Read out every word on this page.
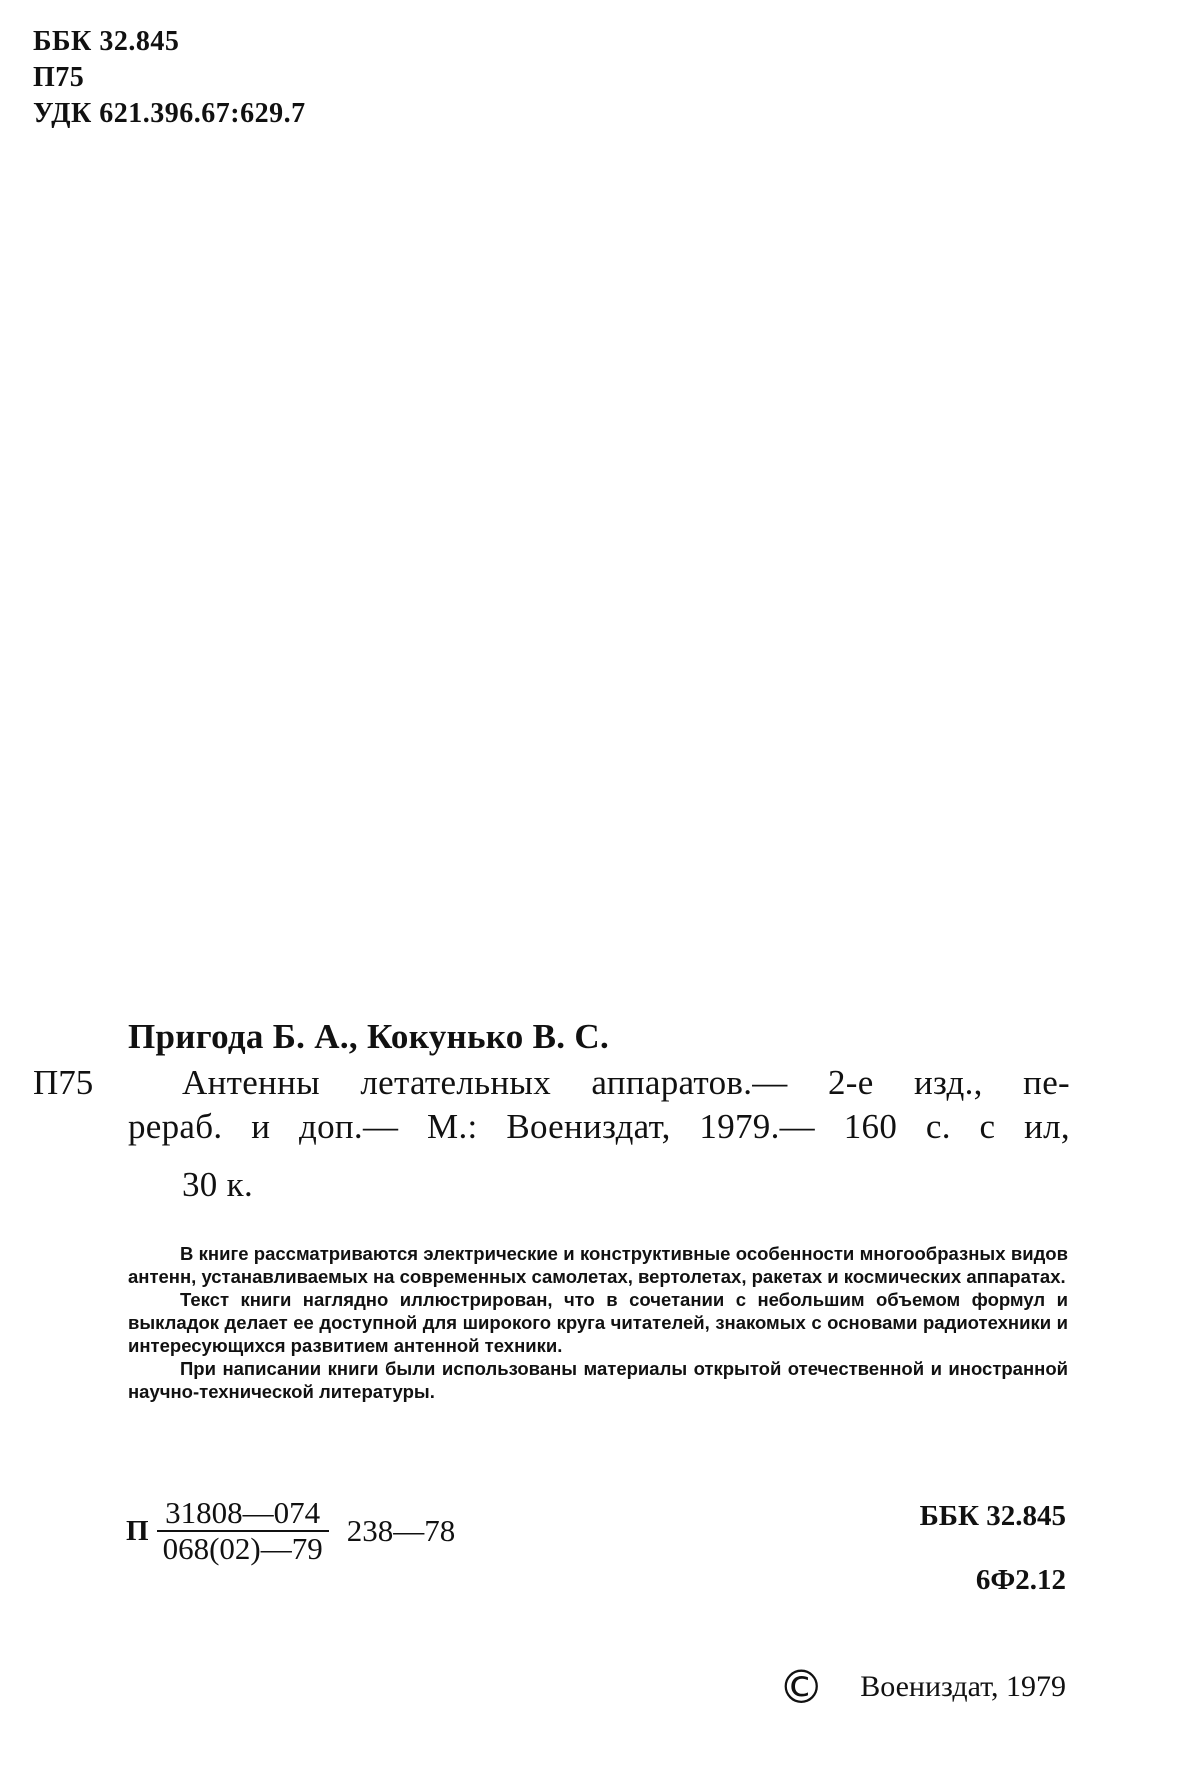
ББК 32.845
П75
УДК 621.396.67:629.7
Пригода Б. А., Кокунько В. С.
П75	Антенны летательных аппаратов.— 2-е изд., пе-
рераб. и доп.— М.: Воениздат, 1979.— 160 с. с ил,
30 к.

В книге рассматриваются электрические и конструктивные особенности многообразных видов антенн, устанавливаемых на современных самолетах, вертолетах, ракетах и космических аппаратах.

Текст книги наглядно иллюстрирован, что в сочетании с небольшим объемом формул и выкладок делает ее доступной для широкого круга читателей, знакомых с основами радиотехники и интересующихся развитием антенной техники.

При написании книги были использованы материалы открытой отечественной и иностранной научно-технической литературы.

П $\frac{31808—074}{068(02)—79}$ 238—78	ББК 32.845
6Ф2.12
© Воениздат, 1979
